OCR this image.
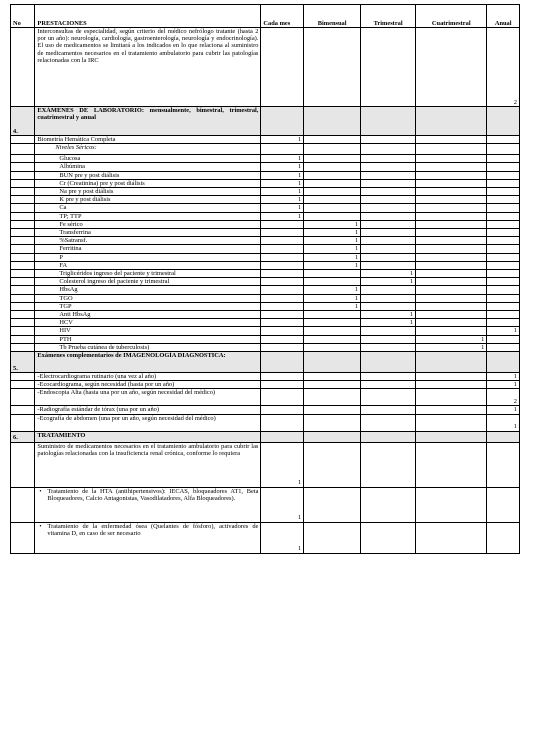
No	PRESTACIONES	Cada mes	Bimensual	Trimestral	Cuatrimestral	Anual
	Interconsultas de especialidad, según criterio del médico nefrólogo tratante (hasta 2 por un año): neurología, cardiología, gastroenterología, neurología y endocrinología). El uso de medicamentos se limitará a los indicados en lo que relaciona al suministro de medicamentos necesarios en el tratamiento ambulatorio para cubrir las patologías relacionadas con la IRC					2
4.	EXÁMENES DE LABORATORIO: mensualmente, bimestral, trimestral, cuatrimestral y anual					
	Biometría Hemática Completa	1				
	Niveles Séricos:					
	Glucosa	1				
	Albúmina	1				
	BUN pre y post diálisis	1				
	Cr (Creatinina) pre y post diálisis	1				
	Na pre y post diálisis	1				
	K pre y post diálisis	1				
	Ca	1				
	TP; TTP	1				
	Fe sérico		1			
	Transferrina		1			
	%Satransf.		1			
	Ferritina		1			
	P		1			
	FA		1			
	Triglicéridos ingreso del paciente y trimestral			1		
	Colesterol ingreso del paciente y trimestral			1		
	HbsAg		1			
	TGO		1			
	TGP		1			
	Anti HbsAg			1		
	HCV			1		
	HIV					1
	PTH				1	
	Tb Prueba cutánea de tuberculosis)				1	
5.	Exámenes complementarios de IMAGENOLOGÍA DIAGNOSTICA:					
	-Electrocardiograma rutinario (una vez al año)					1
	-Ecocardiograma, según necesidad (hasta por un año)					1
	-Endoscopia Alta (hasta una por un año, según necesidad del médico)					2
	-Radiografía estándar de tórax (una por un año)					1
	-Ecografía de abdomen (una por un año, según necesidad del médico)					1
6.	TRATAMIENTO					
	Suministro de medicamentos necesarios en el tratamiento ambulatorio para cubrir las patologías relacionadas con la insuficiencia renal crónica, conforme lo requiera	1				
	• Tratamiento de la HTA (antihipertensivos): IECAS, bloqueadores AT1, Beta Bloqueadores, Calcio Antagonistas, Vasodilatadores, Alfa Bloqueadores).	1				
	• Tratamiento de la enfermedad ósea (Quelantes de fósforo), activadores de vitamina D, en caso de ser necesario	1				
